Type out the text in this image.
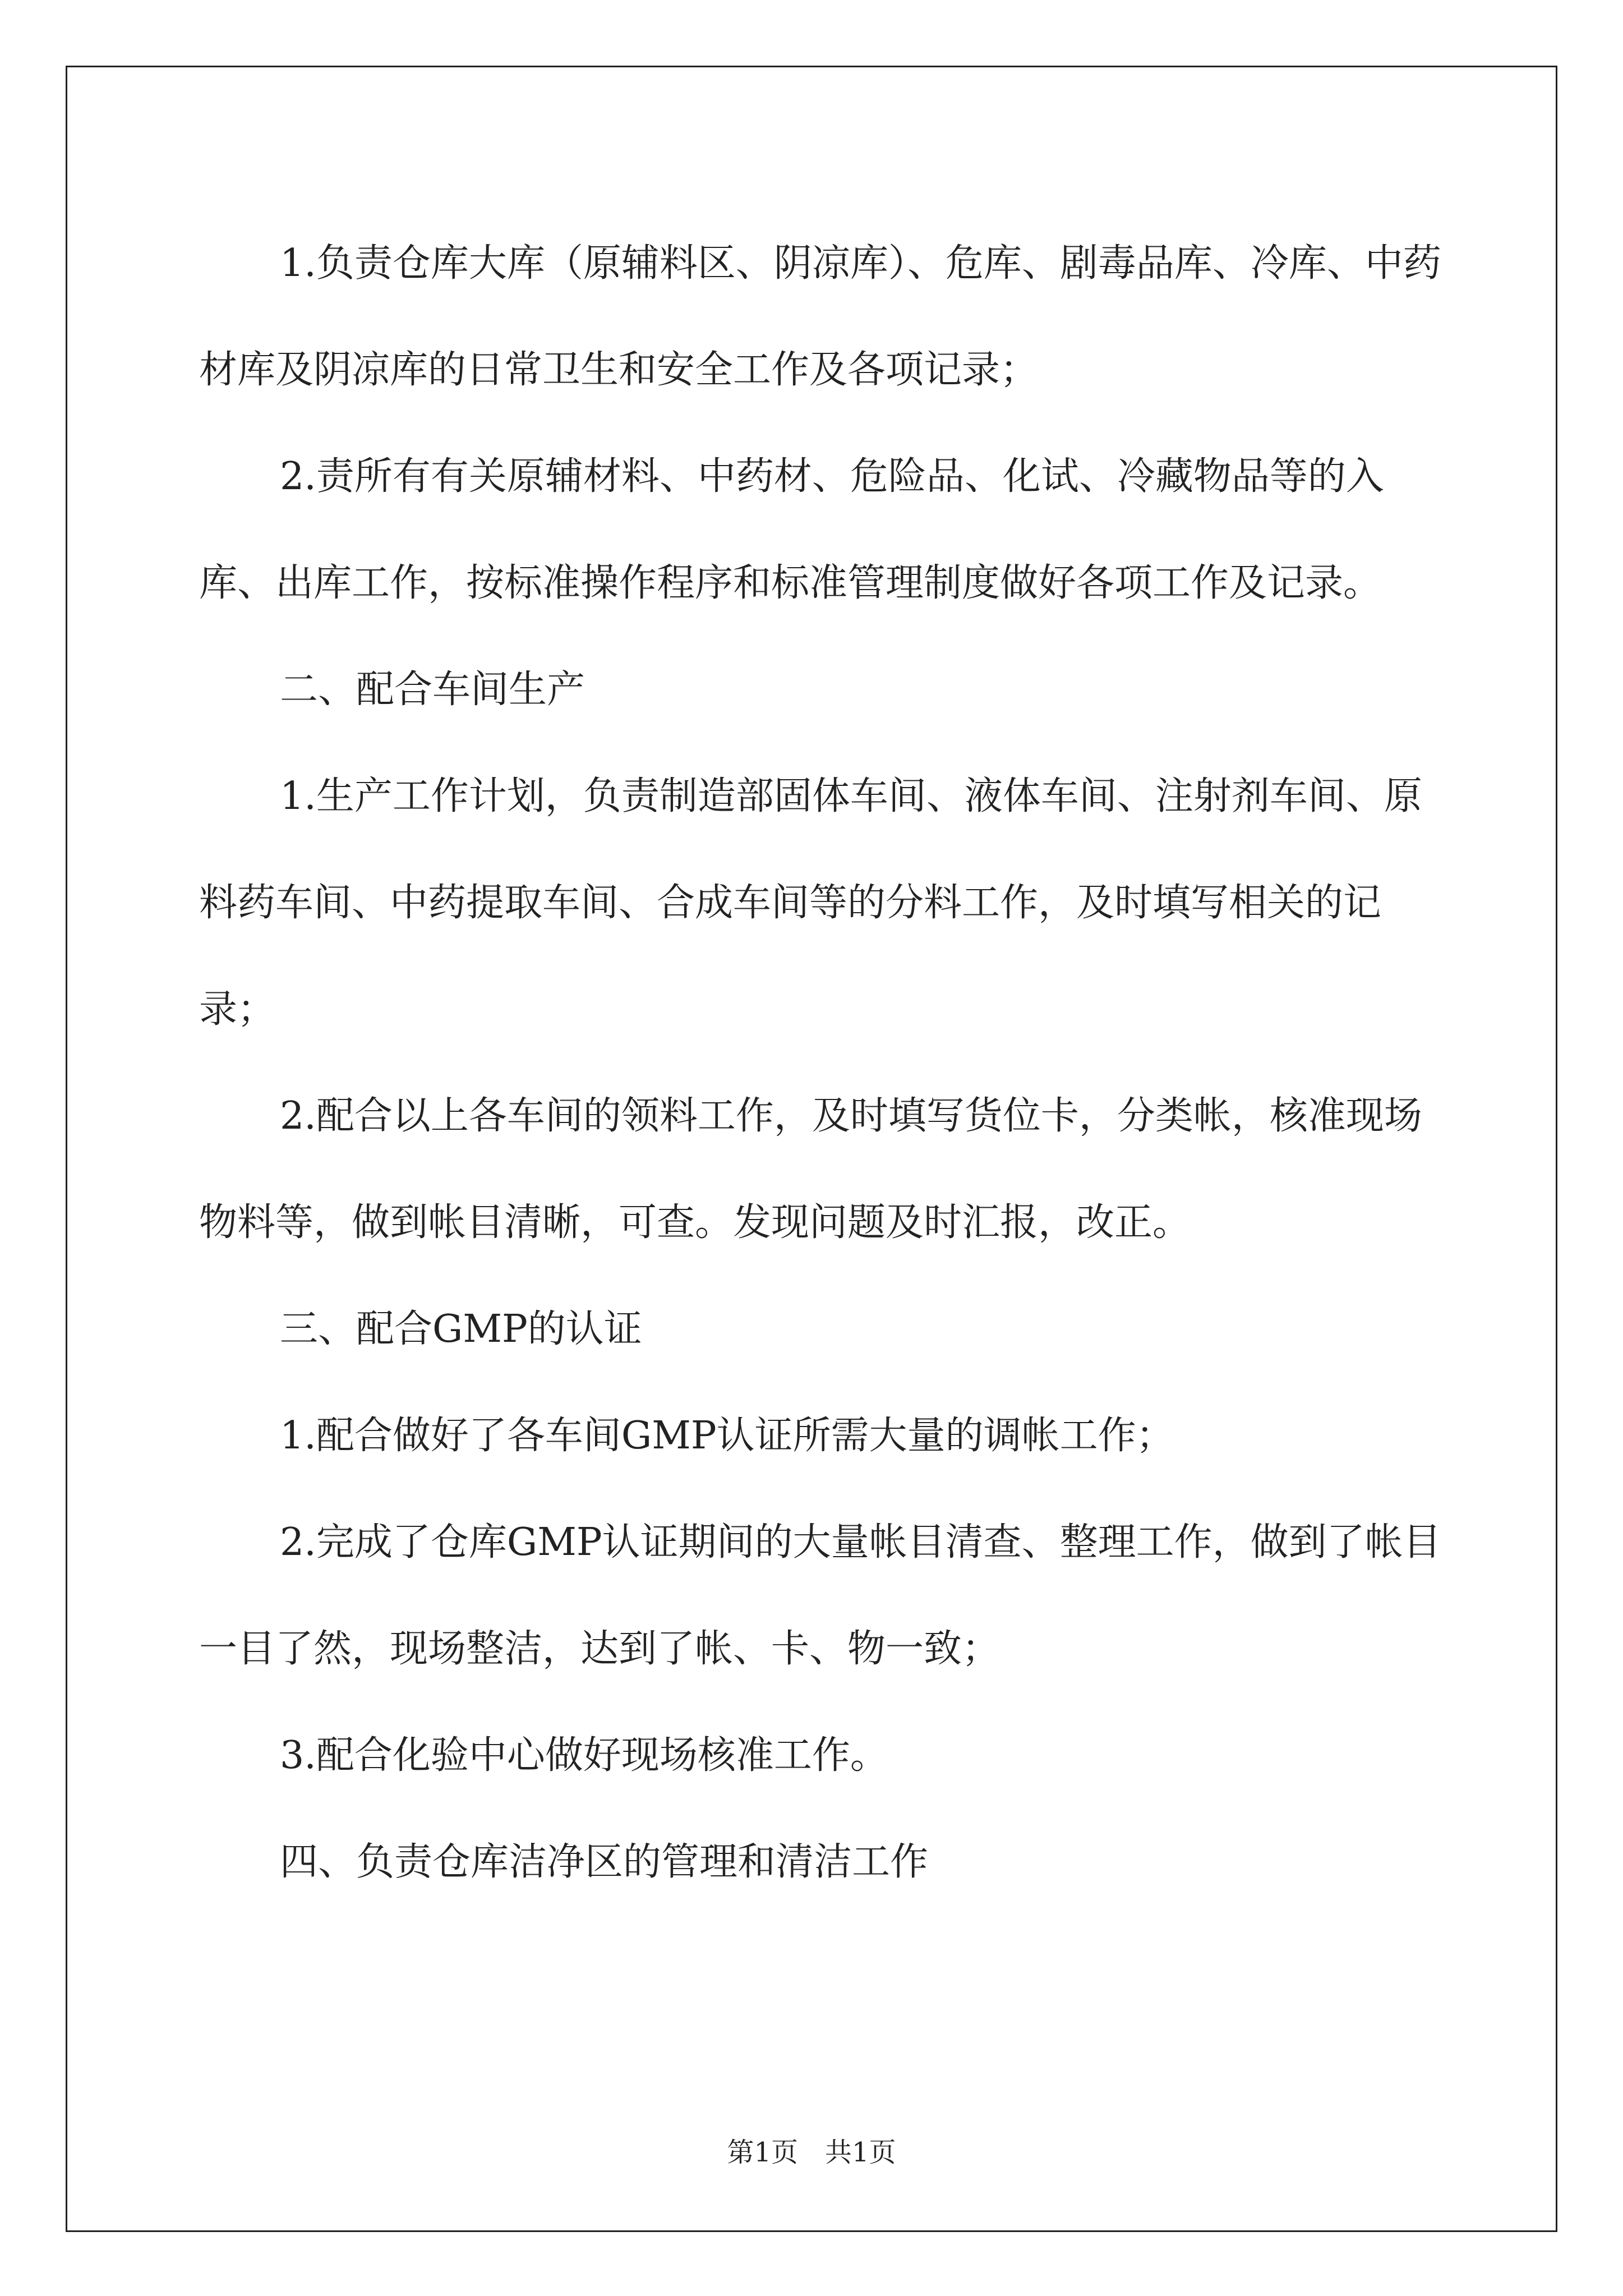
1.负责仓库大库（原辅料区、阴凉库）、危库、剧毒品库、冷库、中药材库及阴凉库的日常卫生和安全工作及各项记录；

2.责所有有关原辅材料、中药材、危险品、化试、冷藏物品等的入库、出库工作，按标准操作程序和标准管理制度做好各项工作及记录。

二、配合车间生产

1.生产工作计划，负责制造部固体车间、液体车间、注射剂车间、原料药车间、中药提取车间、合成车间等的分料工作，及时填写相关的记录；

2.配合以上各车间的领料工作，及时填写货位卡，分类帐，核准现场物料等，做到帐目清晰，可查。发现问题及时汇报，改正。

三、配合GMP的认证

1.配合做好了各车间GMP认证所需大量的调帐工作；

2.完成了仓库GMP认证期间的大量帐目清查、整理工作，做到了帐目一目了然，现场整洁，达到了帐、卡、物一致；

3.配合化验中心做好现场核准工作。

四、负责仓库洁净区的管理和清洁工作

第1页　共1页
